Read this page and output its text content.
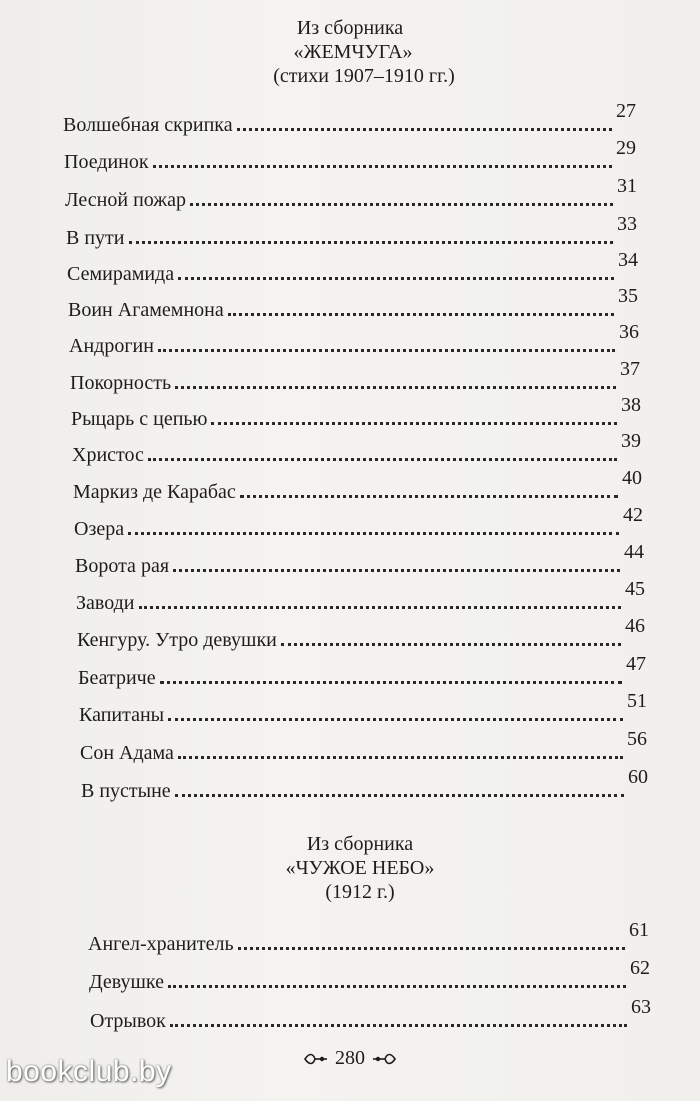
Из сборника
«ЖЕМЧУГА»
(стихи 1907–1910 гг.)
Волшебная скрипка
27
Поединок
29
Лесной пожар
31
В пути
33
Семирамида
34
Воин Агамемнона
35
Андрогин
36
Покорность
37
Рыцарь с цепью
38
Христос
39
Маркиз де Карабас
40
Озера
42
Ворота рая
44
Заводи
45
Кенгуру. Утро девушки
46
Беатриче
47
Капитаны
51
Сон Адама
56
В пустыне
60
Из сборника
«ЧУЖОЕ НЕБО»
(1912 г.)
Ангел-хранитель
61
Девушке
62
Отрывок
63
280
bookclub.by
